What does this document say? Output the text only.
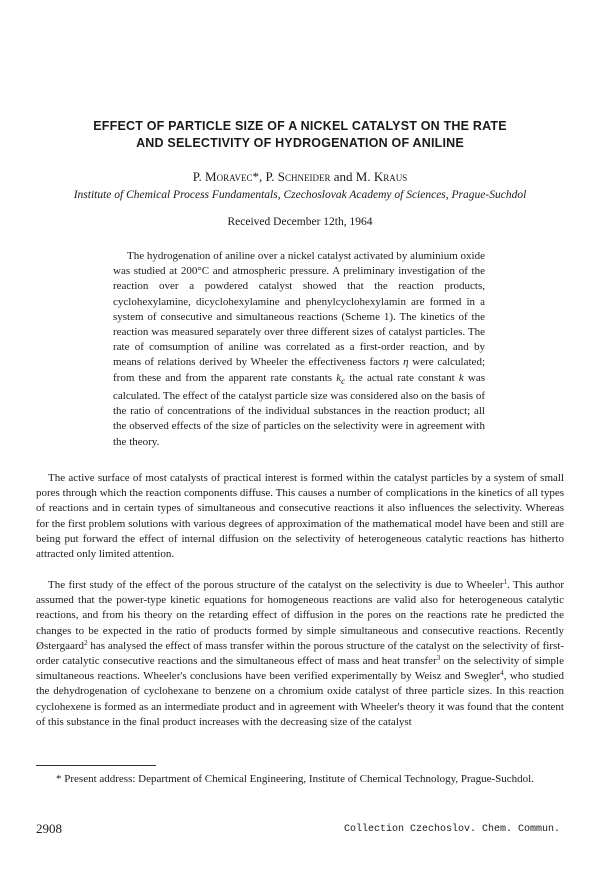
EFFECT OF PARTICLE SIZE OF A NICKEL CATALYST ON THE RATE
AND SELECTIVITY OF HYDROGENATION OF ANILINE
P. Moravec*, P. Schneider and M. Kraus
Institute of Chemical Process Fundamentals, Czechoslovak Academy of Sciences, Prague-Suchdol
Received December 12th, 1964

The hydrogenation of aniline over a nickel catalyst activated by aluminium oxide was studied at 200°C and atmospheric pressure. A preliminary investigation of the reaction over a powdered catalyst showed that the reaction products, cyclohexylamine, dicyclohexylamine and phenylcyclohexylamin are formed in a system of consecutive and simultaneous reactions (Scheme 1). The kinetics of the reaction was measured separately over three different sizes of catalyst particles. The rate of comsumption of aniline was correlated as a first-order reaction, and by means of relations derived by Wheeler the effectiveness factors η were calculated; from these and from the apparent rate constants $k_c$ the actual rate constant k was calculated. The effect of the catalyst particle size was considered also on the basis of the ratio of concentrations of the individual substances in the reaction product; all the observed effects of the size of particles on the selectivity were in agreement with the theory.

The active surface of most catalysts of practical interest is formed within the catalyst particles by a system of small pores through which the reaction components diffuse. This causes a number of complications in the kinetics of all types of reactions and in certain types of simultaneous and consecutive reactions it also influences the selectivity. Whereas for the first problem solutions with various degrees of approximation of the mathematical model have been and still are being put forward the effect of internal diffusion on the selectivity of heterogeneous catalytic reactions has hitherto attracted only limited attention.

The first study of the effect of the porous structure of the catalyst on the selectivity is due to Wheeler$^1$. This author assumed that the power-type kinetic equations for homogeneous reactions are valid also for heterogeneous catalytic reactions, and from his theory on the retarding effect of diffusion in the pores on the reactions rate he predicted the changes to be expected in the ratio of products formed by simple simultaneous and consecutive reactions. Recently Østergaard$^2$ has analysed the effect of mass transfer within the porous structure of the catalyst on the selectivity of first-order catalytic consecutive reactions and the simultaneous effect of mass and heat transfer$^3$ on the selectivity of simple simultaneous reactions. Wheeler's conclusions have been verified experimentally by Weisz and Swegler$^4$, who studied the dehydrogenation of cyclohexane to benzene on a chromium oxide catalyst of three particle sizes. In this reaction cyclohexene is formed as an intermediate product and in agreement with Wheeler's theory it was found that the content of this substance in the final product increases with the decreasing size of the catalyst

* Present address: Department of Chemical Engineering, Institute of Chemical Technology, Prague-Suchdol.

2908	Collection Czechoslov. Chem. Commun.
